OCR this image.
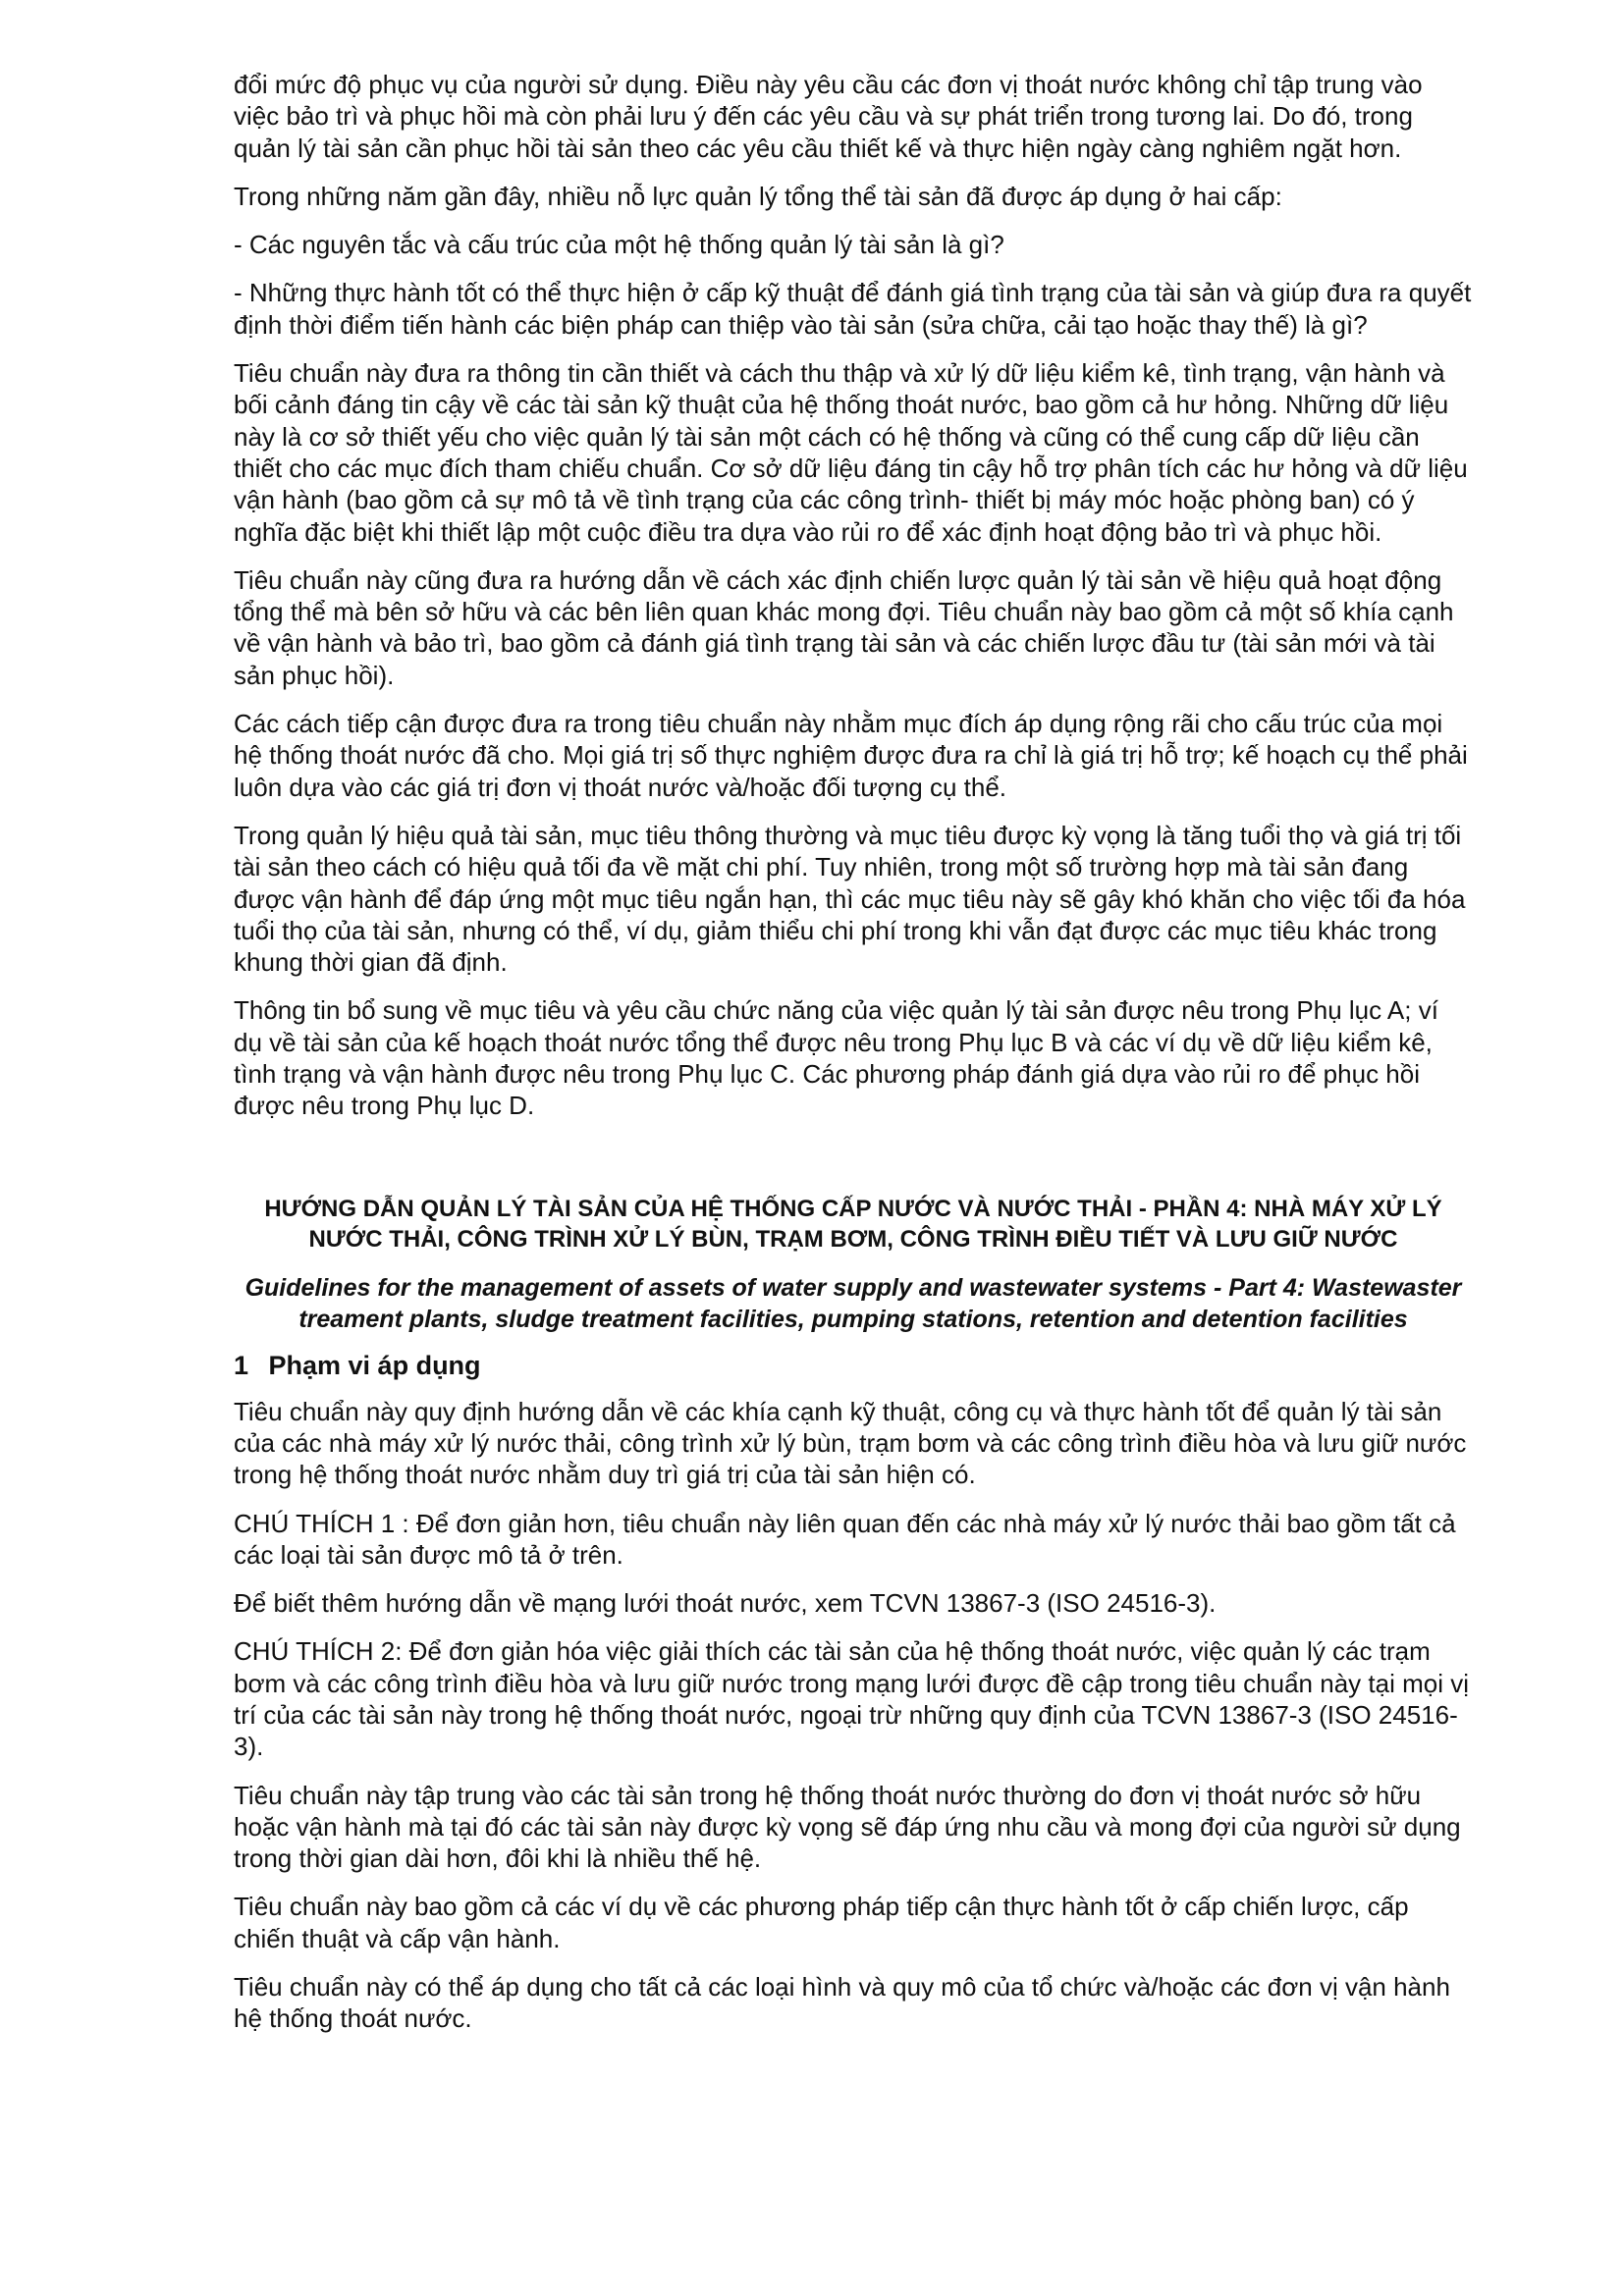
đổi mức độ phục vụ của người sử dụng. Điều này yêu cầu các đơn vị thoát nước không chỉ tập trung vào việc bảo trì và phục hồi mà còn phải lưu ý đến các yêu cầu và sự phát triển trong tương lai. Do đó, trong quản lý tài sản cần phục hồi tài sản theo các yêu cầu thiết kế và thực hiện ngày càng nghiêm ngặt hơn.

Trong những năm gần đây, nhiều nỗ lực quản lý tổng thể tài sản đã được áp dụng ở hai cấp:

- Các nguyên tắc và cấu trúc của một hệ thống quản lý tài sản là gì?

- Những thực hành tốt có thể thực hiện ở cấp kỹ thuật để đánh giá tình trạng của tài sản và giúp đưa ra quyết định thời điểm tiến hành các biện pháp can thiệp vào tài sản (sửa chữa, cải tạo hoặc thay thế) là gì?

Tiêu chuẩn này đưa ra thông tin cần thiết và cách thu thập và xử lý dữ liệu kiểm kê, tình trạng, vận hành và bối cảnh đáng tin cậy về các tài sản kỹ thuật của hệ thống thoát nước, bao gồm cả hư hỏng. Những dữ liệu này là cơ sở thiết yếu cho việc quản lý tài sản một cách có hệ thống và cũng có thể cung cấp dữ liệu cần thiết cho các mục đích tham chiếu chuẩn. Cơ sở dữ liệu đáng tin cậy hỗ trợ phân tích các hư hỏng và dữ liệu vận hành (bao gồm cả sự mô tả về tình trạng của các công trình- thiết bị máy móc hoặc phòng ban) có ý nghĩa đặc biệt khi thiết lập một cuộc điều tra dựa vào rủi ro để xác định hoạt động bảo trì và phục hồi.

Tiêu chuẩn này cũng đưa ra hướng dẫn về cách xác định chiến lược quản lý tài sản về hiệu quả hoạt động tổng thể mà bên sở hữu và các bên liên quan khác mong đợi. Tiêu chuẩn này bao gồm cả một số khía cạnh về vận hành và bảo trì, bao gồm cả đánh giá tình trạng tài sản và các chiến lược đầu tư (tài sản mới và tài sản phục hồi).

Các cách tiếp cận được đưa ra trong tiêu chuẩn này nhằm mục đích áp dụng rộng rãi cho cấu trúc của mọi hệ thống thoát nước đã cho. Mọi giá trị số thực nghiệm được đưa ra chỉ là giá trị hỗ trợ; kế hoạch cụ thể phải luôn dựa vào các giá trị đơn vị thoát nước và/hoặc đối tượng cụ thể.

Trong quản lý hiệu quả tài sản, mục tiêu thông thường và mục tiêu được kỳ vọng là tăng tuổi thọ và giá trị tối tài sản theo cách có hiệu quả tối đa về mặt chi phí. Tuy nhiên, trong một số trường hợp mà tài sản đang được vận hành để đáp ứng một mục tiêu ngắn hạn, thì các mục tiêu này sẽ gây khó khăn cho việc tối đa hóa tuổi thọ của tài sản, nhưng có thể, ví dụ, giảm thiểu chi phí trong khi vẫn đạt được các mục tiêu khác trong khung thời gian đã định.

Thông tin bổ sung về mục tiêu và yêu cầu chức năng của việc quản lý tài sản được nêu trong Phụ lục A; ví dụ về tài sản của kế hoạch thoát nước tổng thể được nêu trong Phụ lục B và các ví dụ về dữ liệu kiểm kê, tình trạng và vận hành được nêu trong Phụ lục C. Các phương pháp đánh giá dựa vào rủi ro để phục hồi được nêu trong Phụ lục D.

HƯỚNG DẪN QUẢN LÝ TÀI SẢN CỦA HỆ THỐNG CẤP NƯỚC VÀ NƯỚC THẢI - PHẦN 4: NHÀ MÁY XỬ LÝ NƯỚC THẢI, CÔNG TRÌNH XỬ LÝ BÙN, TRẠM BƠM, CÔNG TRÌNH ĐIỀU TIẾT VÀ LƯU GIỮ NƯỚC
Guidelines for the management of assets of water supply and wastewater systems - Part 4: Wastewaster treament plants, sludge treatment facilities, pumping stations, retention and detention facilities
1 Phạm vi áp dụng

Tiêu chuẩn này quy định hướng dẫn về các khía cạnh kỹ thuật, công cụ và thực hành tốt để quản lý tài sản của các nhà máy xử lý nước thải, công trình xử lý bùn, trạm bơm và các công trình điều hòa và lưu giữ nước trong hệ thống thoát nước nhằm duy trì giá trị của tài sản hiện có.

CHÚ THÍCH 1 : Để đơn giản hơn, tiêu chuẩn này liên quan đến các nhà máy xử lý nước thải bao gồm tất cả các loại tài sản được mô tả ở trên.

Để biết thêm hướng dẫn về mạng lưới thoát nước, xem TCVN 13867-3 (ISO 24516-3).

CHÚ THÍCH 2: Để đơn giản hóa việc giải thích các tài sản của hệ thống thoát nước, việc quản lý các trạm bơm và các công trình điều hòa và lưu giữ nước trong mạng lưới được đề cập trong tiêu chuẩn này tại mọi vị trí của các tài sản này trong hệ thống thoát nước, ngoại trừ những quy định của TCVN 13867-3 (ISO 24516-3).

Tiêu chuẩn này tập trung vào các tài sản trong hệ thống thoát nước thường do đơn vị thoát nước sở hữu hoặc vận hành mà tại đó các tài sản này được kỳ vọng sẽ đáp ứng nhu cầu và mong đợi của người sử dụng trong thời gian dài hơn, đôi khi là nhiều thế hệ.

Tiêu chuẩn này bao gồm cả các ví dụ về các phương pháp tiếp cận thực hành tốt ở cấp chiến lược, cấp chiến thuật và cấp vận hành.

Tiêu chuẩn này có thể áp dụng cho tất cả các loại hình và quy mô của tổ chức và/hoặc các đơn vị vận hành hệ thống thoát nước.
